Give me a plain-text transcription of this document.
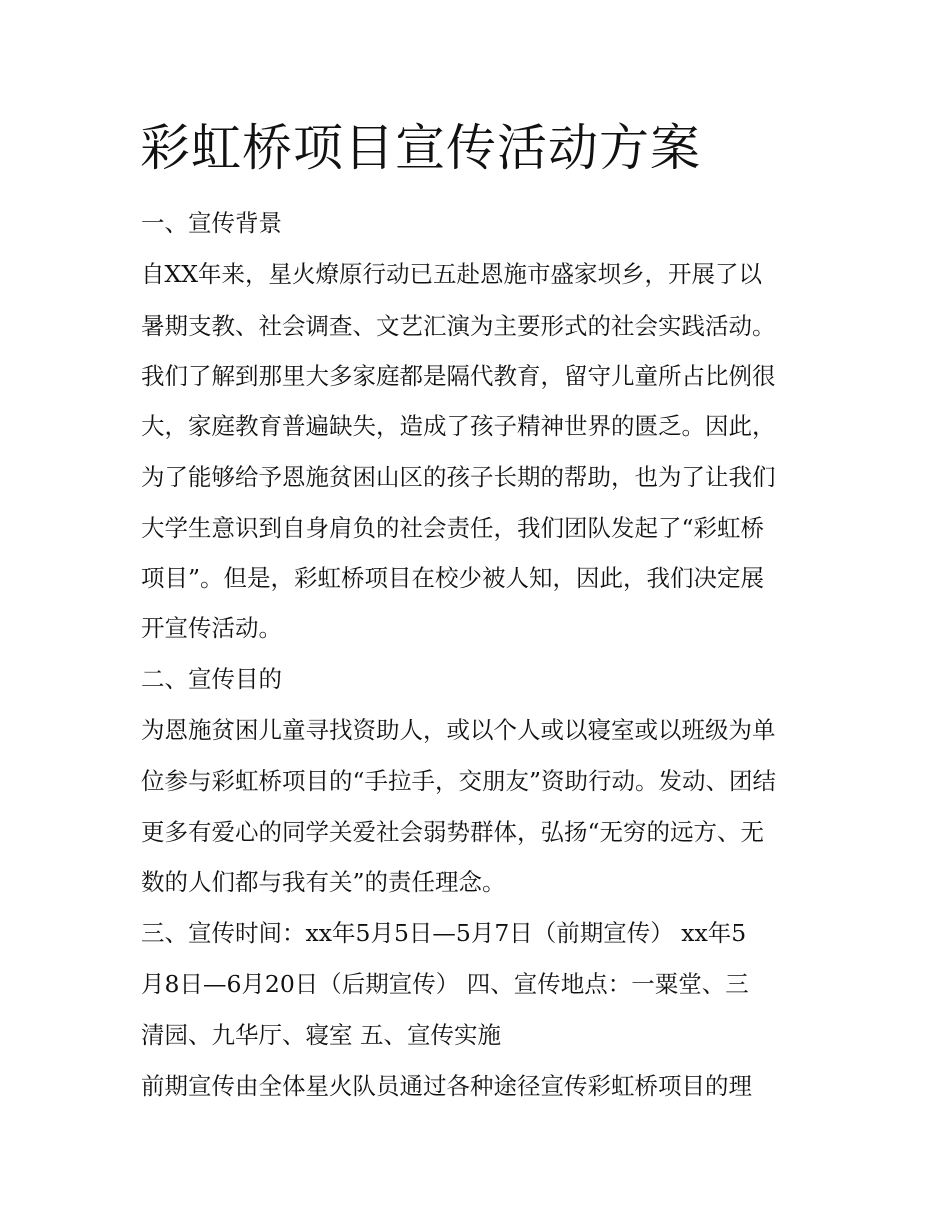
彩虹桥项目宣传活动方案

一、宣传背景

自XX年来，星火燎原行动已五赴恩施市盛家坝乡，开展了以

暑期支教、社会调查、文艺汇演为主要形式的社会实践活动。

我们了解到那里大多家庭都是隔代教育，留守儿童所占比例很

大，家庭教育普遍缺失，造成了孩子精神世界的匮乏。因此，

为了能够给予恩施贫困山区的孩子长期的帮助，也为了让我们

大学生意识到自身肩负的社会责任，我们团队发起了“彩虹桥

项目”。但是，彩虹桥项目在校少被人知，因此，我们决定展

开宣传活动。

二、宣传目的

为恩施贫困儿童寻找资助人，或以个人或以寝室或以班级为单

位参与彩虹桥项目的“手拉手，交朋友”资助行动。发动、团结

更多有爱心的同学关爱社会弱势群体，弘扬“无穷的远方、无

数的人们都与我有关”的责任理念。

三、宣传时间：xx年5月5日—5月7日（前期宣传） xx年5

月8日—6月20日（后期宣传） 四、宣传地点：一粟堂、三

清园、九华厅、寝室 五、宣传实施

前期宣传由全体星火队员通过各种途径宣传彩虹桥项目的理
